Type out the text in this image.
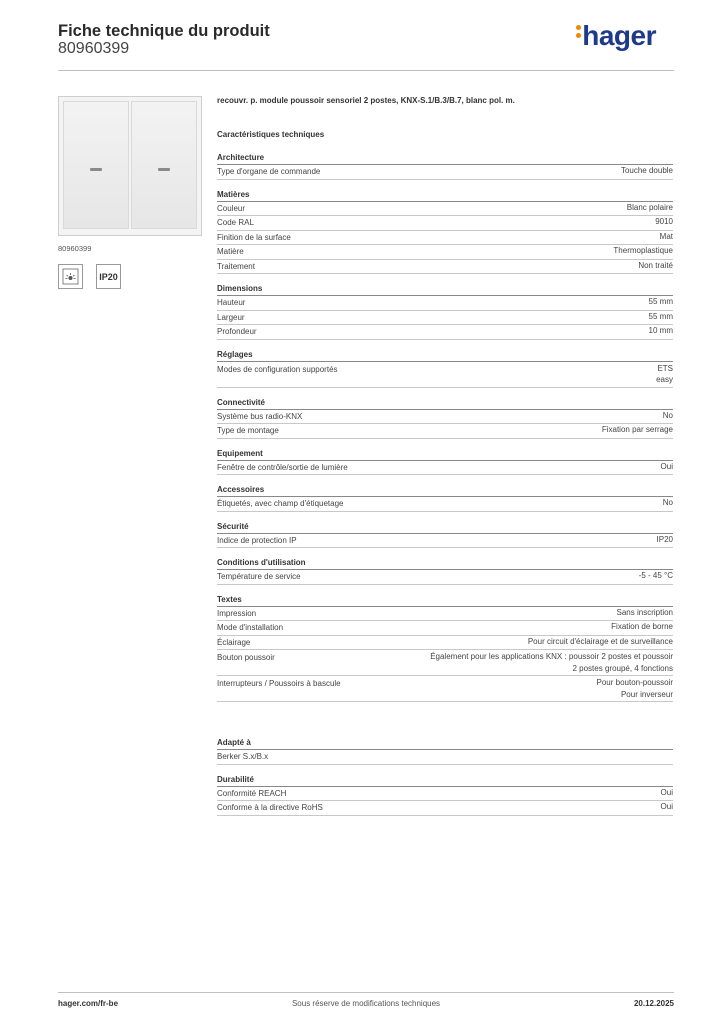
Fiche technique du produit
80960399	hager
80960399
IP20
recouvr. p. module poussoir sensoriel 2 postes, KNX-S.1/B.3/B.7, blanc pol. m.
Caractéristiques techniques
Architecture
Type d'organe de commande	Touche double
Matières
Couleur	Blanc polaire
Code RAL	9010
Finition de la surface	Mat
Matière	Thermoplastique
Traitement	Non traité
Dimensions
Hauteur	55 mm
Largeur	55 mm
Profondeur	10 mm
Réglages
Modes de configuration supportés	ETS
easy
Connectivité
Système bus radio-KNX	No
Type de montage	Fixation par serrage
Equipement
Fenêtre de contrôle/sortie de lumière	Oui
Accessoires
Étiquetés, avec champ d'étiquetage	No
Sécurité
Indice de protection IP	IP20
Conditions d'utilisation
Température de service	-5 - 45 °C
Textes
Impression	Sans inscription
Mode d'installation	Fixation de borne
Éclairage	Pour circuit d'éclairage et de surveillance
Bouton poussoir	Également pour les applications KNX : poussoir 2 postes et poussoir
2 postes groupé, 4 fonctions
Interrupteurs / Poussoirs à bascule	Pour bouton-poussoir
Pour inverseur
Adapté à
Berker S.x/B.x
Durabilité
Conformité REACH	Oui
Conforme à la directive RoHS	Oui
hager.com/fr-be	Sous réserve de modifications techniques	20.12.2025
